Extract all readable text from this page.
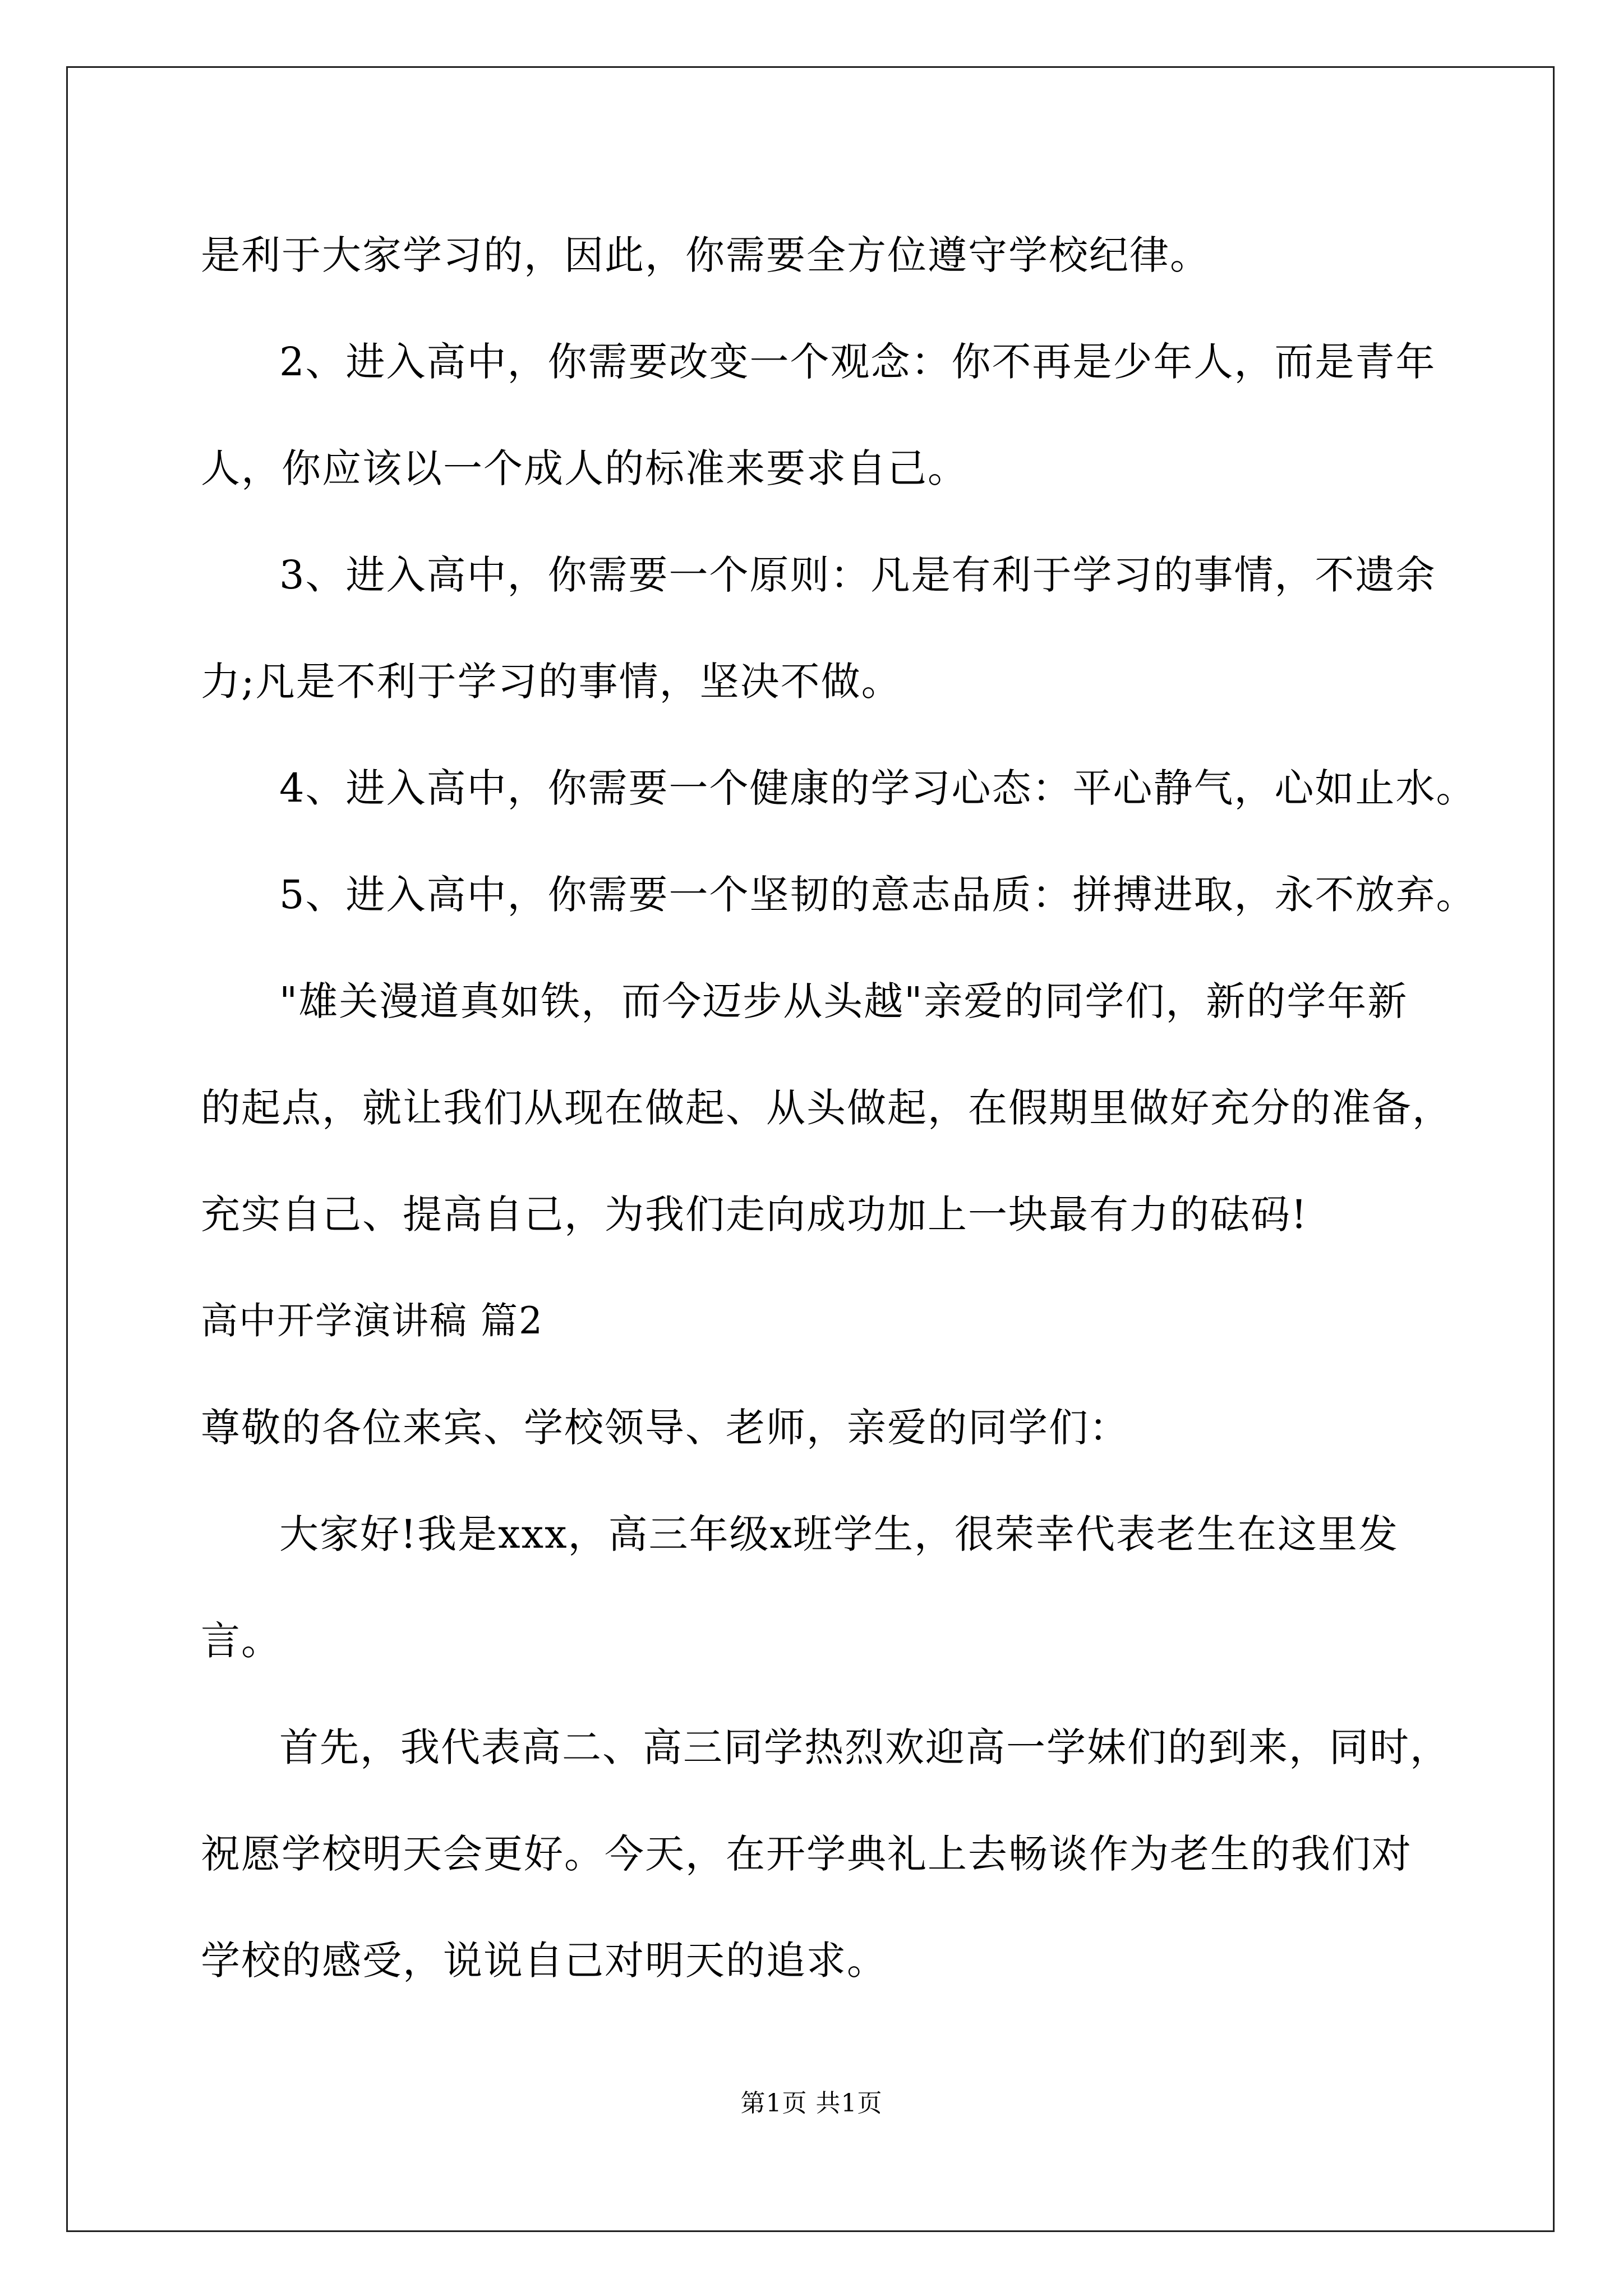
是利于大家学习的，因此，你需要全方位遵守学校纪律。
2、进入高中，你需要改变一个观念：你不再是少年人，而是青年
人，你应该以一个成人的标准来要求自己。
3、进入高中，你需要一个原则：凡是有利于学习的事情，不遗余
力;凡是不利于学习的事情，坚决不做。
4、进入高中，你需要一个健康的学习心态：平心静气，心如止水。
5、进入高中，你需要一个坚韧的意志品质：拼搏进取，永不放弃。
"雄关漫道真如铁，而今迈步从头越"亲爱的同学们，新的学年新
的起点，就让我们从现在做起、从头做起，在假期里做好充分的准备，
充实自己、提高自己，为我们走向成功加上一块最有力的砝码!
高中开学演讲稿 篇2
尊敬的各位来宾、学校领导、老师，亲爱的同学们：
大家好!我是xxx，高三年级x班学生，很荣幸代表老生在这里发
言。
首先，我代表高二、高三同学热烈欢迎高一学妹们的到来，同时，
祝愿学校明天会更好。今天，在开学典礼上去畅谈作为老生的我们对
学校的感受，说说自己对明天的追求。
第1页 共1页
